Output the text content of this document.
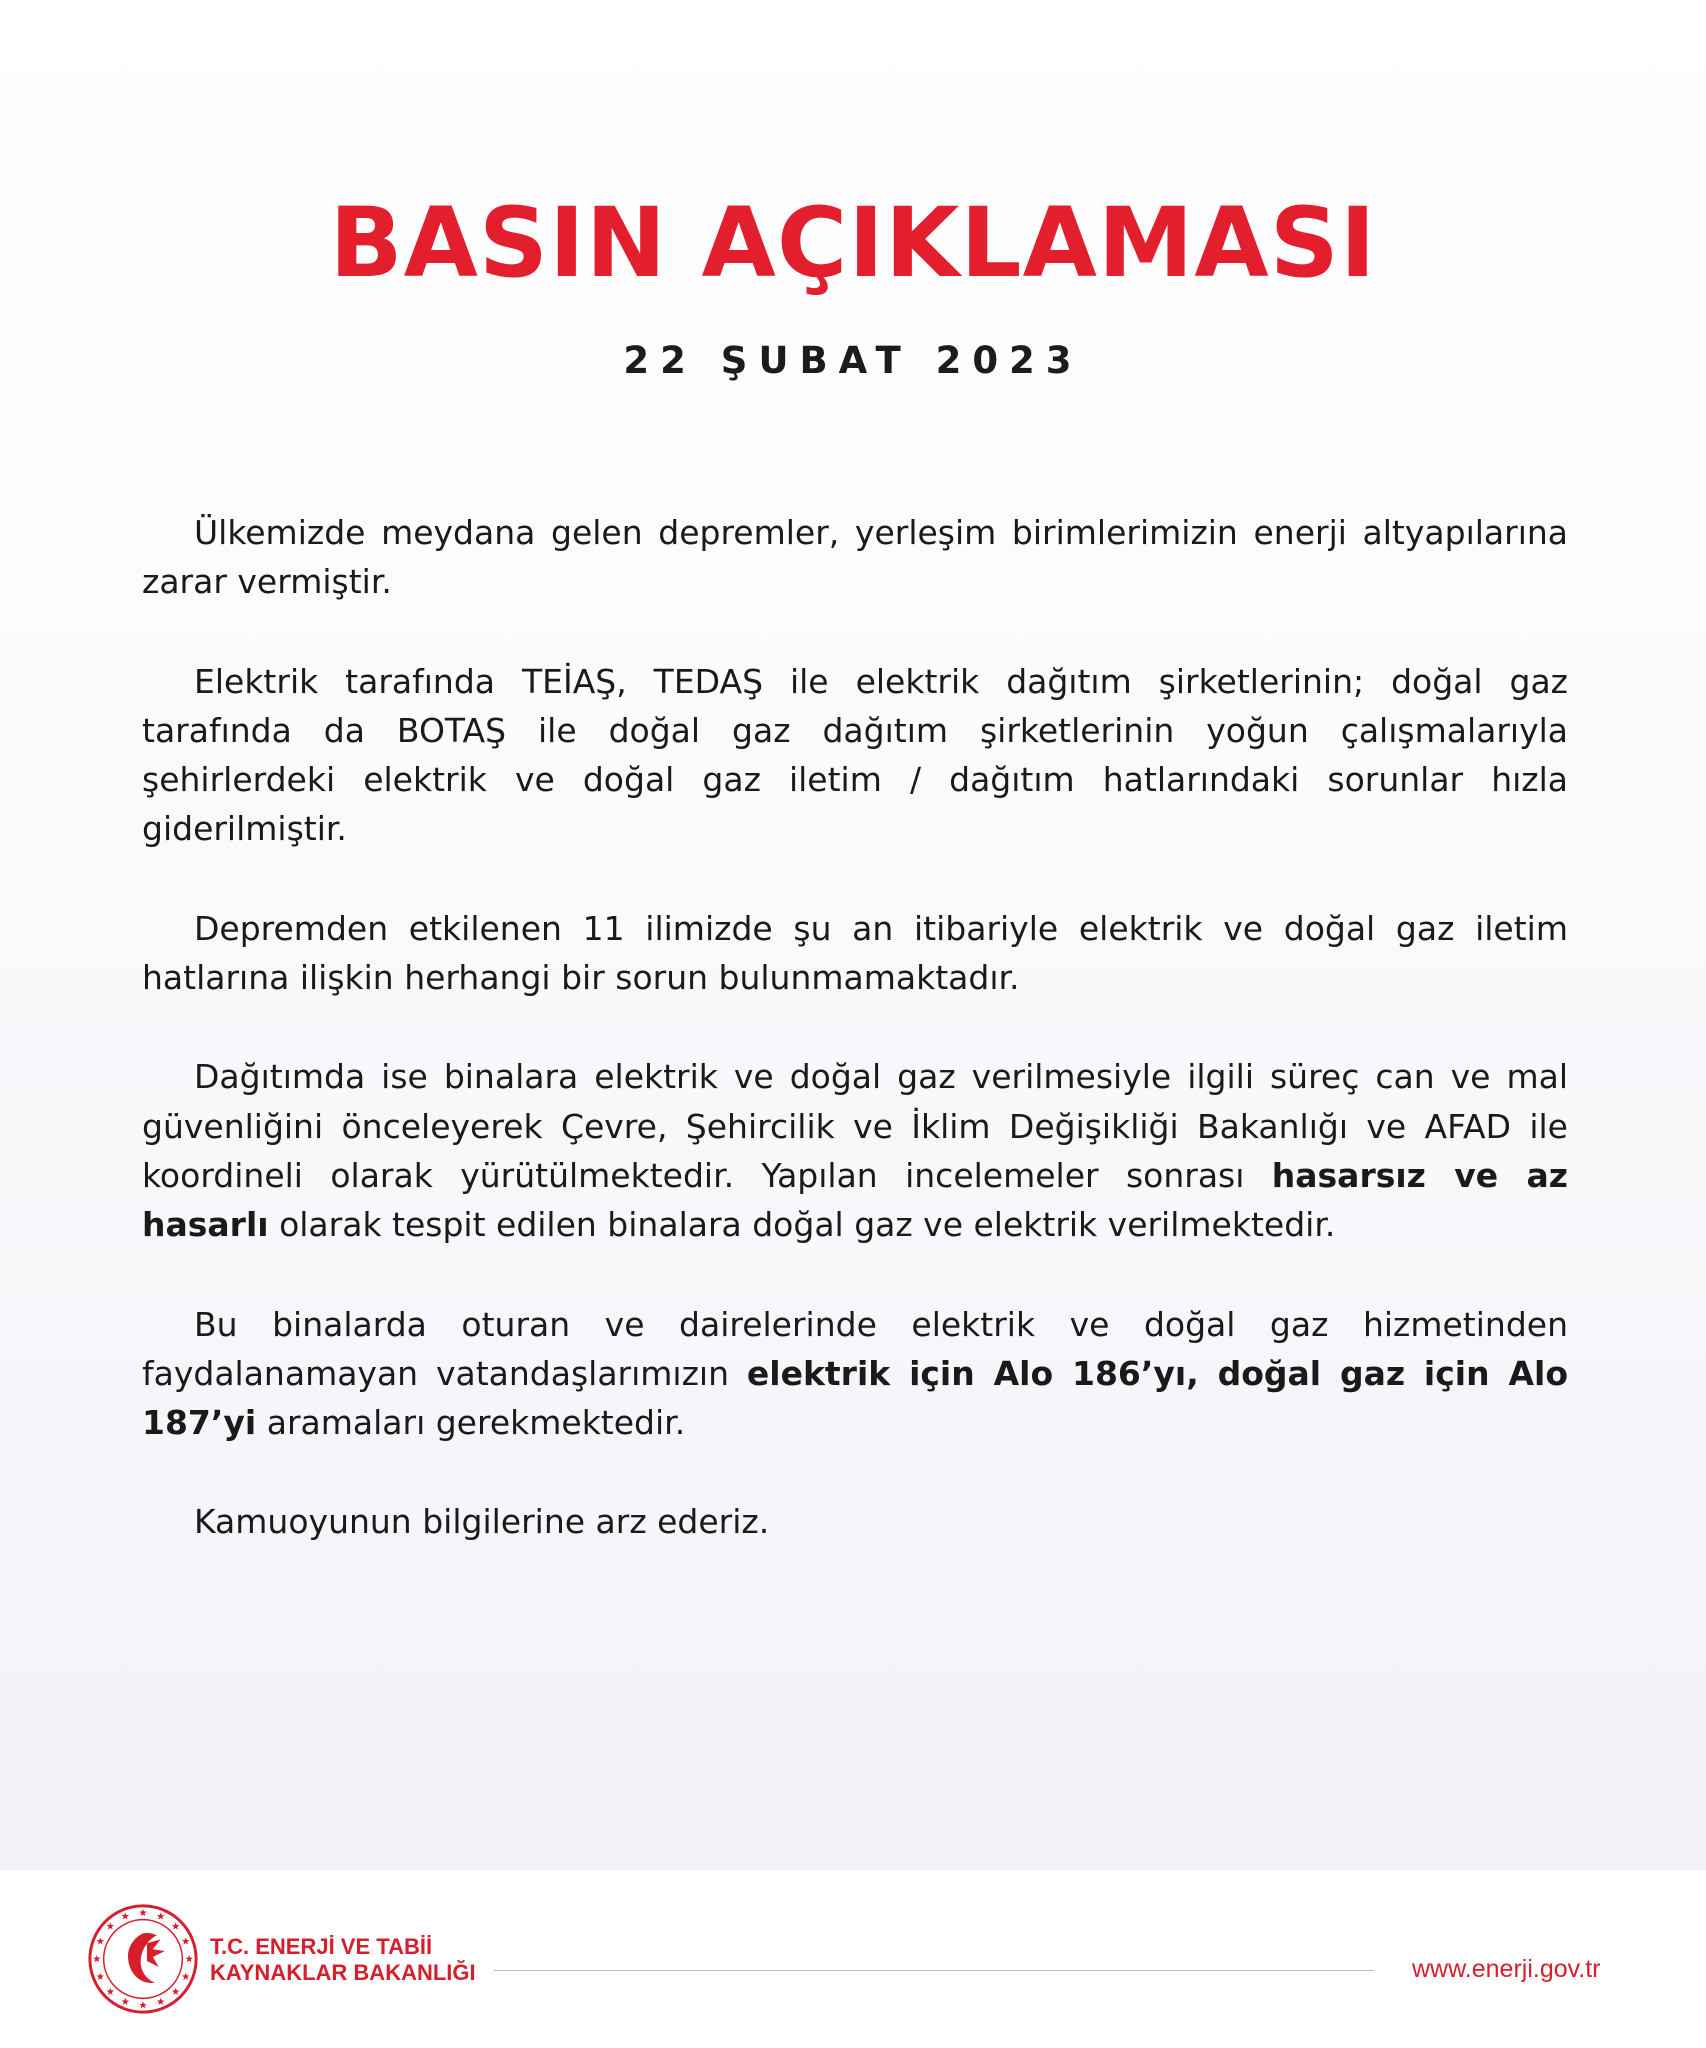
BASIN AÇIKLAMASI
22 ŞUBAT 2023

Ülkemizde meydana gelen depremler, yerleşim birimlerimizin enerji altyapılarına zarar vermiştir.

Elektrik tarafında TEİAŞ, TEDAŞ ile elektrik dağıtım şirketlerinin; doğal gaz tarafında da BOTAŞ ile doğal gaz dağıtım şirketlerinin yoğun çalışmalarıyla şehirlerdeki elektrik ve doğal gaz iletim / dağıtım hatlarındaki sorunlar hızla giderilmiştir.

Depremden etkilenen 11 ilimizde şu an itibariyle elektrik ve doğal gaz iletim hatlarına ilişkin herhangi bir sorun bulunmamaktadır.

Dağıtımda ise binalara elektrik ve doğal gaz verilmesiyle ilgili süreç can ve mal güvenliğini önceleyerek Çevre, Şehircilik ve İklim Değişikliği Bakanlığı ve AFAD ile koordineli olarak yürütülmektedir. Yapılan incelemeler sonrası hasarsız ve az hasarlı olarak tespit edilen binalara doğal gaz ve elektrik verilmektedir.

Bu binalarda oturan ve dairelerinde elektrik ve doğal gaz hizmetinden faydalanamayan vatandaşlarımızın elektrik için Alo 186’yı, doğal gaz için Alo 187’yi aramaları gerekmektedir.

Kamuoyunun bilgilerine arz ederiz.

T.C. ENERJİ VE TABİİ
KAYNAKLAR BAKANLIĞI	www.enerji.gov.tr
